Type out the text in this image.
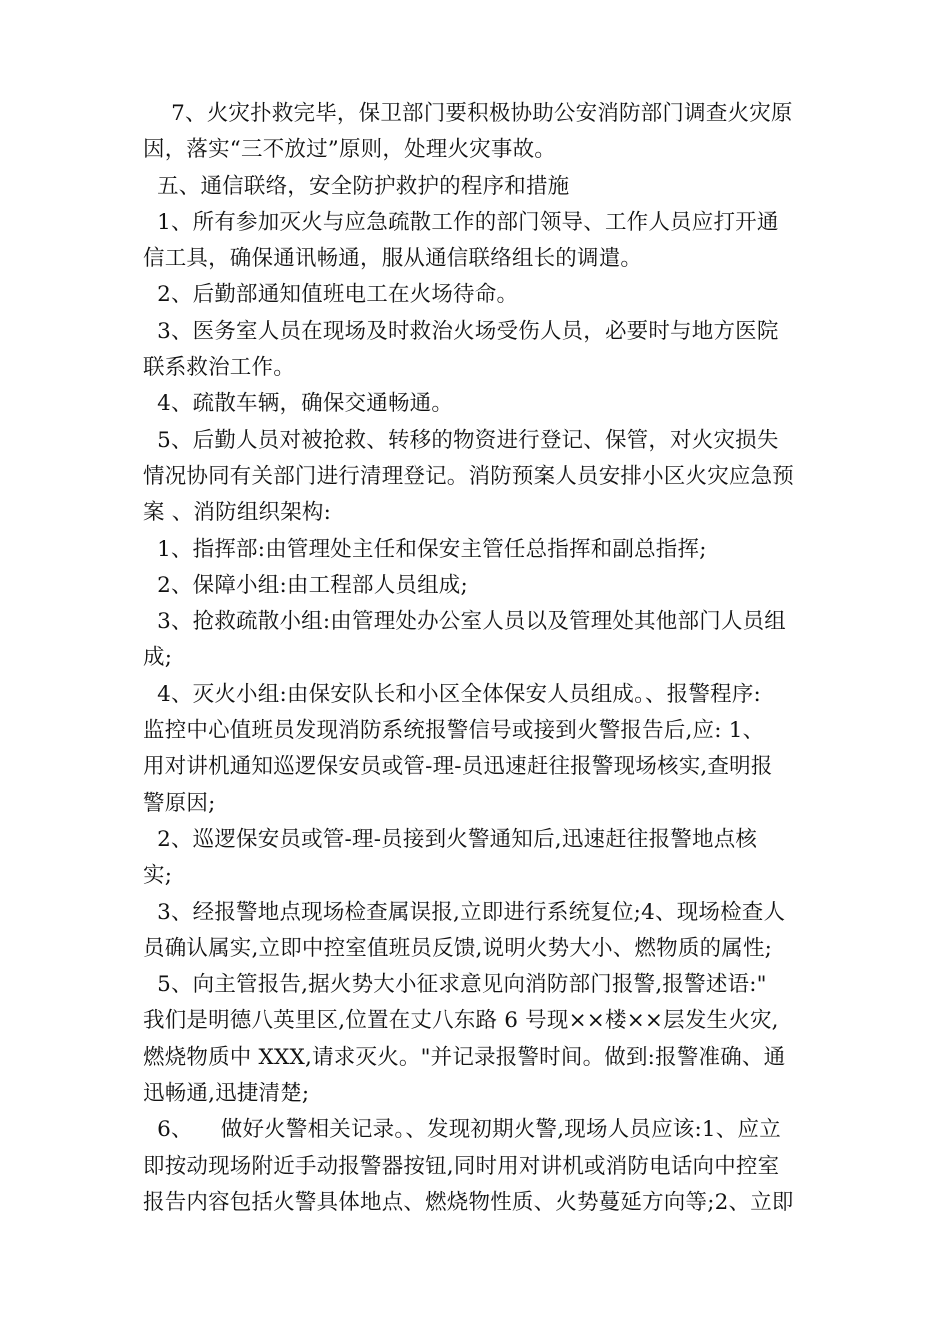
7、火灾扑救完毕，保卫部门要积极协助公安消防部门调查火灾原
因，落实“三不放过”原则，处理火灾事故。
五、通信联络，安全防护救护的程序和措施
1、所有参加灭火与应急疏散工作的部门领导、工作人员应打开通
信工具，确保通讯畅通，服从通信联络组长的调遣。
2、后勤部通知值班电工在火场待命。
3、医务室人员在现场及时救治火场受伤人员，必要时与地方医院
联系救治工作。
4、疏散车辆，确保交通畅通。
5、后勤人员对被抢救、转移的物资进行登记、保管，对火灾损失
情况协同有关部门进行清理登记。消防预案人员安排小区火灾应急预
案 、消防组织架构:
1、指挥部:由管理处主任和保安主管任总指挥和副总指挥;
2、保障小组:由工程部人员组成;
3、抢救疏散小组:由管理处办公室人员以及管理处其他部门人员组
成;
4、灭火小组:由保安队长和小区全体保安人员组成。、报警程序:
监控中心值班员发现消防系统报警信号或接到火警报告后,应: 1、
用对讲机通知巡逻保安员或管-理-员迅速赶往报警现场核实,查明报
警原因;
2、巡逻保安员或管-理-员接到火警通知后,迅速赶往报警地点核
实;
3、经报警地点现场检查属误报,立即进行系统复位;4、现场检查人
员确认属实,立即中控室值班员反馈,说明火势大小、燃物质的属性;
5、向主管报告,据火势大小征求意见向消防部门报警,报警述语:"
我们是明德八英里区,位置在丈八东路 6 号现××楼××层发生火灾,
燃烧物质中 XXX,请求灭火。"并记录报警时间。做到:报警准确、通
迅畅通,迅捷清楚;
6、    做好火警相关记录。、发现初期火警,现场人员应该:1、应立
即按动现场附近手动报警器按钮,同时用对讲机或消防电话向中控室
报告内容包括火警具体地点、燃烧物性质、火势蔓延方向等;2、立即
